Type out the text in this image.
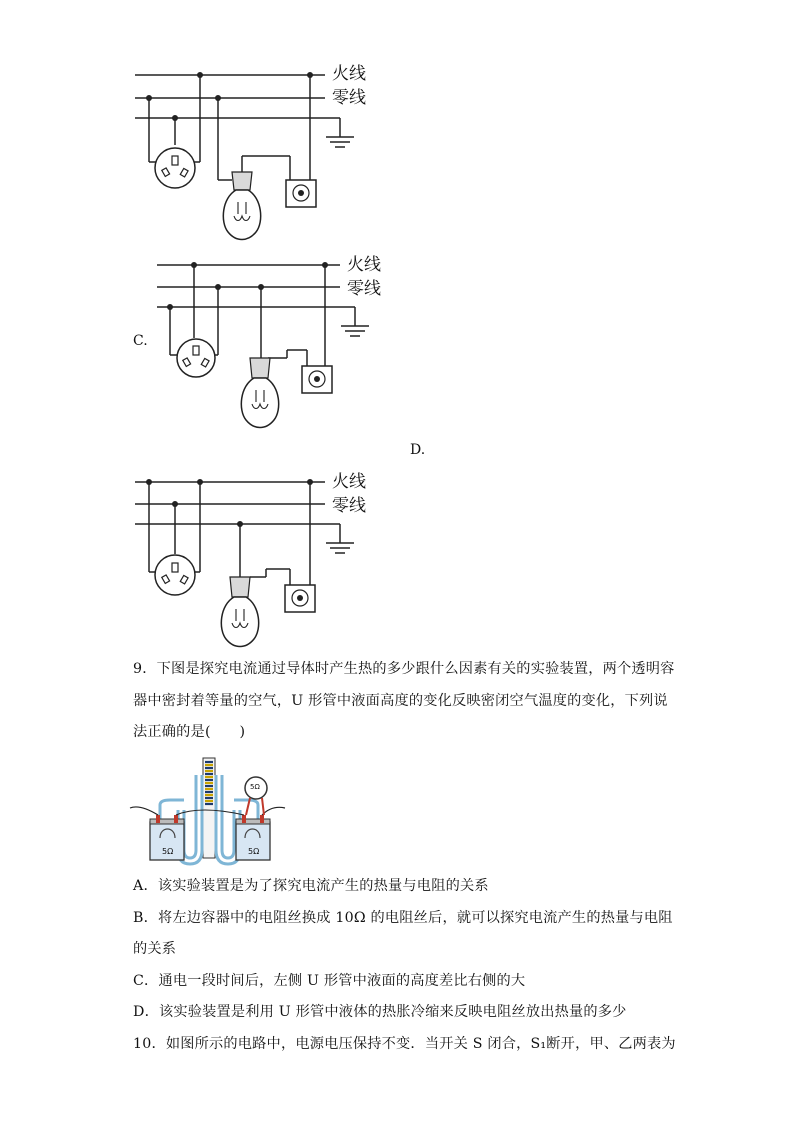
火线
零线
C.
火线
零线
D.
火线
零线
9．下图是探究电流通过导体时产生热的多少跟什么因素有关的实验装置，两个透明容
器中密封着等量的空气，U 形管中液面高度的变化反映密闭空气温度的变化，下列说
法正确的是(　　)
5Ω	5Ω
5Ω
A．该实验装置是为了探究电流产生的热量与电阻的关系
B．将左边容器中的电阻丝换成 10Ω 的电阻丝后，就可以探究电流产生的热量与电阻
的关系
C．通电一段时间后，左侧 U 形管中液面的高度差比右侧的大
D．该实验装置是利用 U 形管中液体的热胀冷缩来反映电阻丝放出热量的多少
10．如图所示的电路中，电源电压保持不变．当开关 S 闭合，S₁断开，甲、乙两表为
